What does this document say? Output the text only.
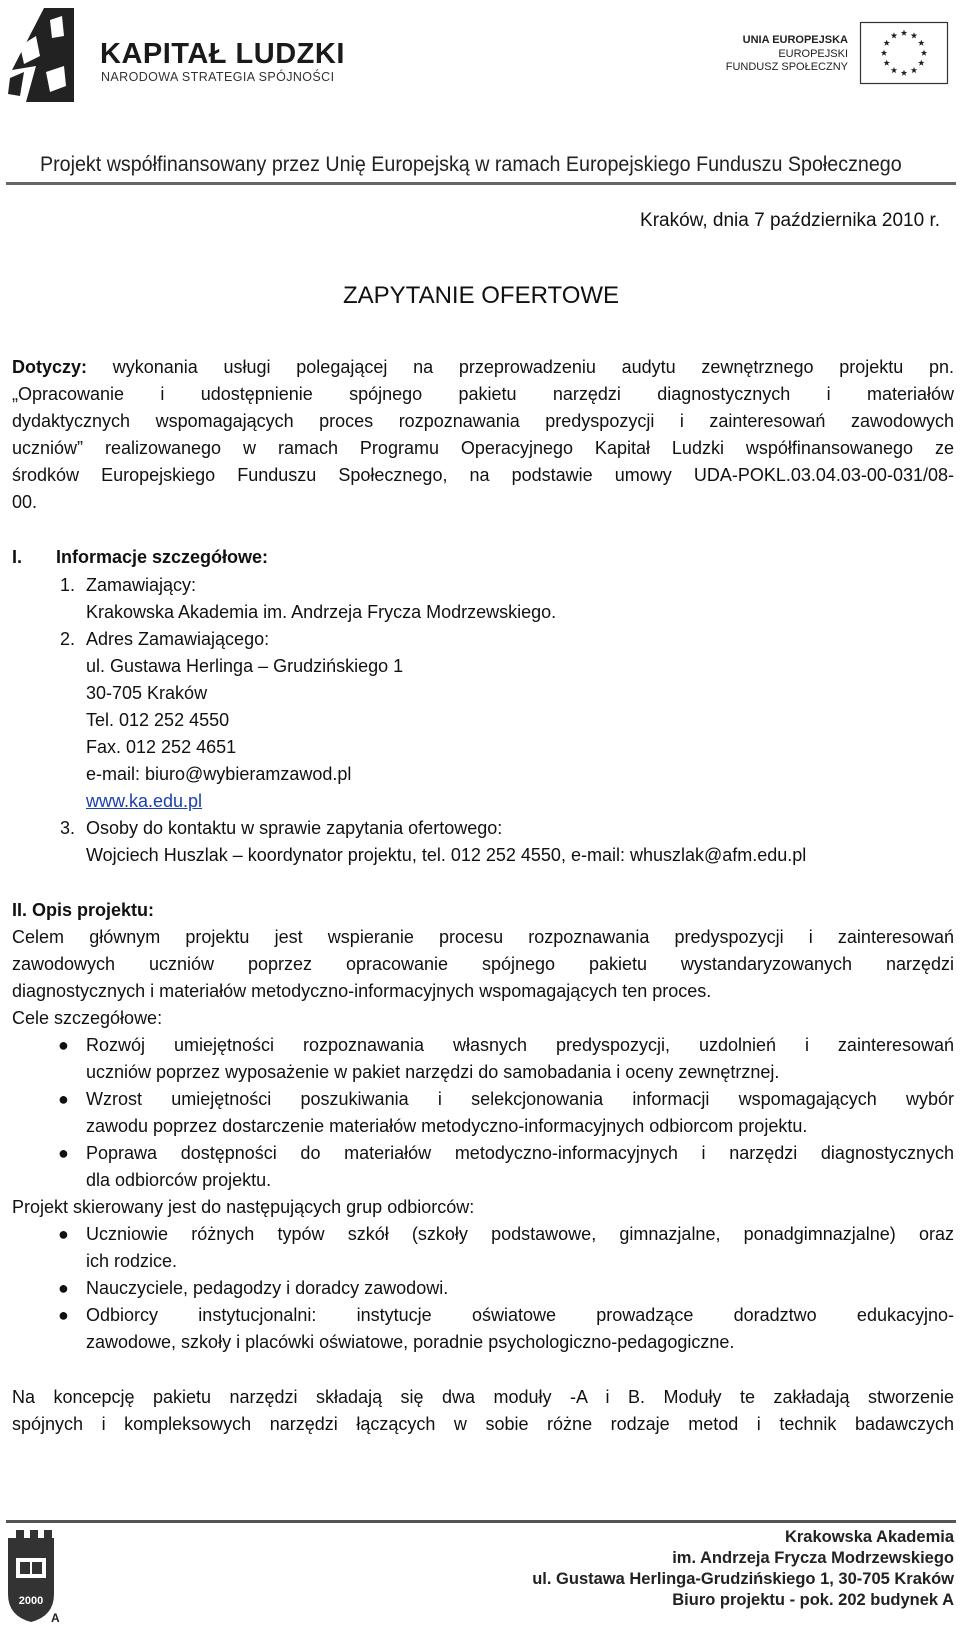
KAPITAŁ LUDZKI
NARODOWA STRATEGIA SPÓJNOŚCI
UNIA EUROPEJSKA
EUROPEJSKI
FUNDUSZ SPOŁECZNY
Projekt współfinansowany przez Unię Europejską w ramach Europejskiego Funduszu Społecznego
Kraków, dnia 7 października 2010 r.
ZAPYTANIE OFERTOWE
Dotyczy: wykonania usługi polegającej na przeprowadzeniu audytu zewnętrznego projektu pn.
„Opracowanie i udostępnienie spójnego pakietu narzędzi diagnostycznych i materiałów
dydaktycznych wspomagających proces rozpoznawania predyspozycji i zainteresowań zawodowych
uczniów” realizowanego w ramach Programu Operacyjnego Kapitał Ludzki współfinansowanego ze
środków Europejskiego Funduszu Społecznego, na podstawie umowy UDA-POKL.03.04.03-00-031/08-
00.
I. Informacje szczegółowe:
1. Zamawiający:
Krakowska Akademia im. Andrzeja Frycza Modrzewskiego.
2. Adres Zamawiającego:
ul. Gustawa Herlinga – Grudzińskiego 1
30-705 Kraków
Tel. 012 252 4550
Fax. 012 252 4651
e-mail: biuro@wybieramzawod.pl
www.ka.edu.pl
3. Osoby do kontaktu w sprawie zapytania ofertowego:
Wojciech Huszlak – koordynator projektu, tel. 012 252 4550, e-mail: whuszlak@afm.edu.pl
II. Opis projektu:
Celem głównym projektu jest wspieranie procesu rozpoznawania predyspozycji i zainteresowań
zawodowych uczniów poprzez opracowanie spójnego pakietu wystandaryzowanych narzędzi
diagnostycznych i materiałów metodyczno-informacyjnych wspomagających ten proces.
Cele szczegółowe:
● Rozwój umiejętności rozpoznawania własnych predyspozycji, uzdolnień i zainteresowań
uczniów poprzez wyposażenie w pakiet narzędzi do samobadania i oceny zewnętrznej.
● Wzrost umiejętności poszukiwania i selekcjonowania informacji wspomagających wybór
zawodu poprzez dostarczenie materiałów metodyczno-informacyjnych odbiorcom projektu.
● Poprawa dostępności do materiałów metodyczno-informacyjnych i narzędzi diagnostycznych
dla odbiorców projektu.
Projekt skierowany jest do następujących grup odbiorców:
● Uczniowie różnych typów szkół (szkoły podstawowe, gimnazjalne, ponadgimnazjalne) oraz
ich rodzice.
● Nauczyciele, pedagodzy i doradcy zawodowi.
● Odbiorcy instytucjonalni: instytucje oświatowe prowadzące doradztwo edukacyjno-
zawodowe, szkoły i placówki oświatowe, poradnie psychologiczno-pedagogiczne.
Na koncepcję pakietu narzędzi składają się dwa moduły -A i B. Moduły te zakładają stworzenie
spójnych i kompleksowych narzędzi łączących w sobie różne rodzaje metod i technik badawczych
2000
A
Krakowska Akademia
im. Andrzeja Frycza Modrzewskiego
ul. Gustawa Herlinga-Grudzińskiego 1, 30-705 Kraków
Biuro projektu - pok. 202 budynek A
